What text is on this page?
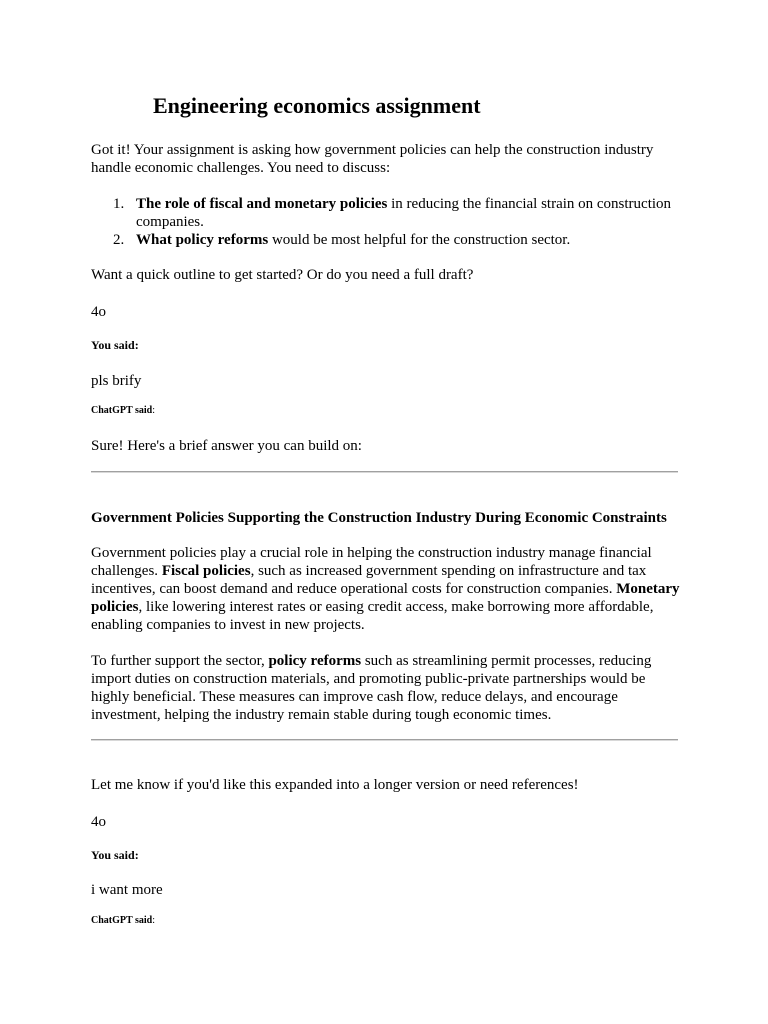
Engineering economics assignment

Got it! Your assignment is asking how government policies can help the construction industry handle economic challenges. You need to discuss:

1. The role of fiscal and monetary policies in reducing the financial strain on construction companies.
2. What policy reforms would be most helpful for the construction sector.

Want a quick outline to get started? Or do you need a full draft?

4o

You said:

pls brify

ChatGPT said:

Sure! Here's a brief answer you can build on:

Government Policies Supporting the Construction Industry During Economic Constraints

Government policies play a crucial role in helping the construction industry manage financial challenges. Fiscal policies, such as increased government spending on infrastructure and tax incentives, can boost demand and reduce operational costs for construction companies. Monetary policies, like lowering interest rates or easing credit access, make borrowing more affordable, enabling companies to invest in new projects.

To further support the sector, policy reforms such as streamlining permit processes, reducing import duties on construction materials, and promoting public-private partnerships would be highly beneficial. These measures can improve cash flow, reduce delays, and encourage investment, helping the industry remain stable during tough economic times.

Let me know if you'd like this expanded into a longer version or need references!

4o

You said:

i want more

ChatGPT said:
